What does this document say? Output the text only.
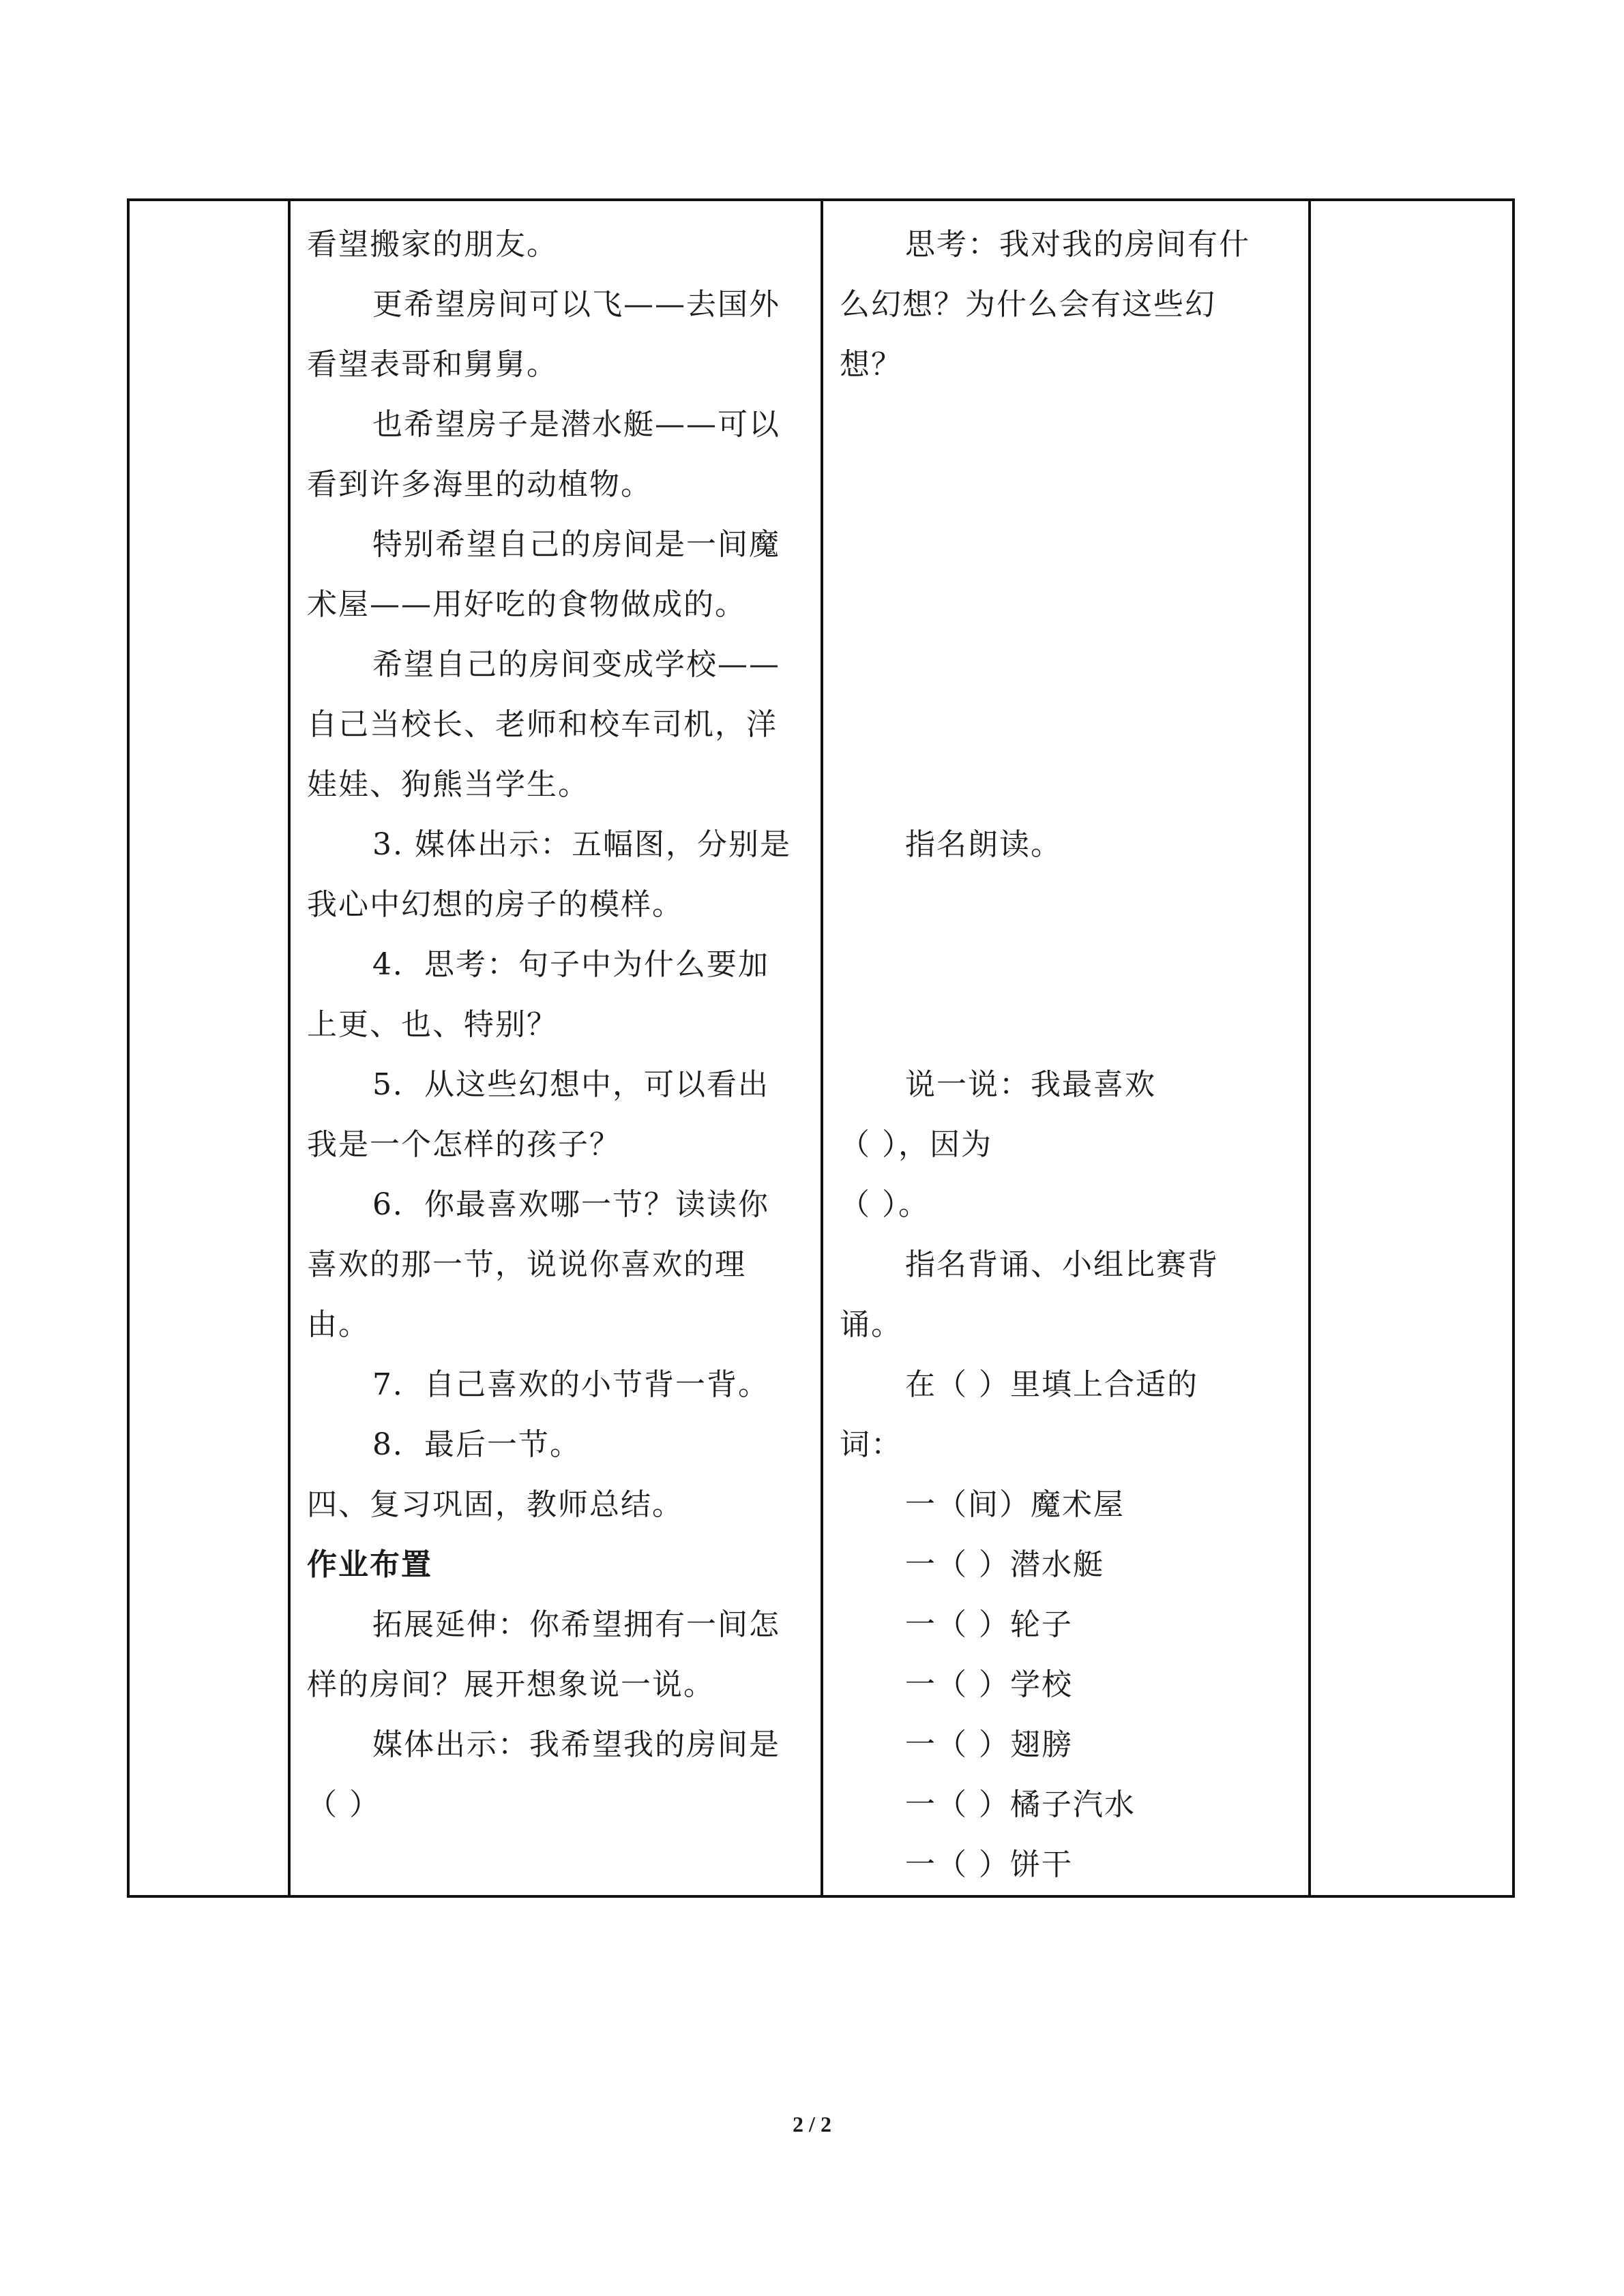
看望搬家的朋友。

更希望房间可以飞——去国外

看望表哥和舅舅。

也希望房子是潜水艇——可以

看到许多海里的动植物。

特别希望自己的房间是一间魔

术屋——用好吃的食物做成的。

希望自己的房间变成学校——

自己当校长、老师和校车司机，洋

娃娃、狗熊当学生。

3. 媒体出示：五幅图，分别是

我心中幻想的房子的模样。

4．思考：句子中为什么要加

上更、也、特别？

5．从这些幻想中，可以看出

我是一个怎样的孩子？

6．你最喜欢哪一节？读读你

喜欢的那一节，说说你喜欢的理

由。

7．自己喜欢的小节背一背。

8．最后一节。

四、复习巩固，教师总结。

作业布置

拓展延伸：你希望拥有一间怎

样的房间？展开想象说一说。

媒体出示：我希望我的房间是

（ ）

思考：我对我的房间有什

么幻想？为什么会有这些幻

想？

指名朗读。

说一说：我最喜欢

（ ），因为

（ ）。

指名背诵、小组比赛背

诵。

在（ ）里填上合适的

词：

一（间）魔术屋

一（ ）潜水艇

一（ ）轮子

一（ ）学校

一（ ）翅膀

一（ ）橘子汽水

一（ ）饼干

2 / 2
